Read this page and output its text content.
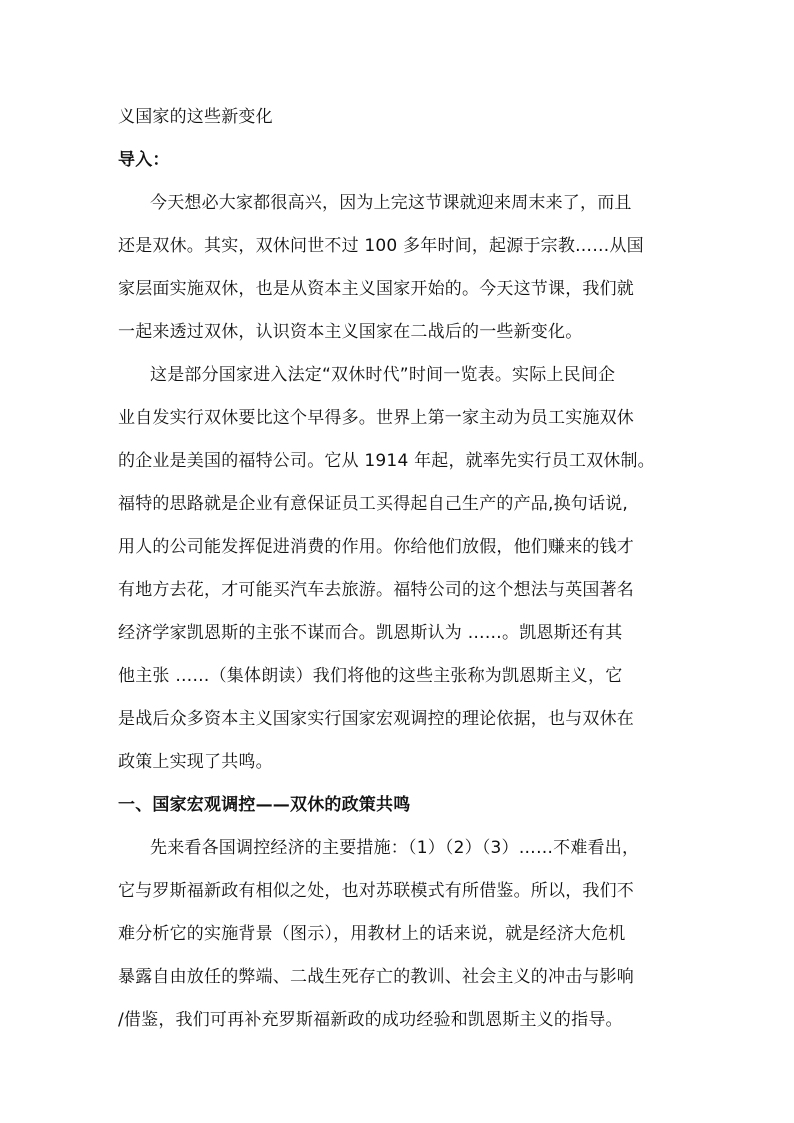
义国家的这些新变化
导入：
今天想必大家都很高兴，因为上完这节课就迎来周末来了，而且
还是双休。其实，双休问世不过 100 多年时间，起源于宗教……从国
家层面实施双休，也是从资本主义国家开始的。今天这节课，我们就
一起来透过双休，认识资本主义国家在二战后的一些新变化。
这是部分国家进入法定“双休时代”时间一览表。实际上民间企
业自发实行双休要比这个早得多。世界上第一家主动为员工实施双休
的企业是美国的福特公司。它从 1914 年起，就率先实行员工双休制。
福特的思路就是企业有意保证员工买得起自己生产的产品,换句话说,
用人的公司能发挥促进消费的作用。你给他们放假，他们赚来的钱才
有地方去花，才可能买汽车去旅游。福特公司的这个想法与英国著名
经济学家凯恩斯的主张不谋而合。凯恩斯认为 ……。凯恩斯还有其
他主张 ……（集体朗读）我们将他的这些主张称为凯恩斯主义，它
是战后众多资本主义国家实行国家宏观调控的理论依据，也与双休在
政策上实现了共鸣。
一、国家宏观调控——双休的政策共鸣
先来看各国调控经济的主要措施：（1）（2）（3）……不难看出，
它与罗斯福新政有相似之处，也对苏联模式有所借鉴。所以，我们不
难分析它的实施背景（图示），用教材上的话来说，就是经济大危机
暴露自由放任的弊端、二战生死存亡的教训、社会主义的冲击与影响
/借鉴，我们可再补充罗斯福新政的成功经验和凯恩斯主义的指导。
